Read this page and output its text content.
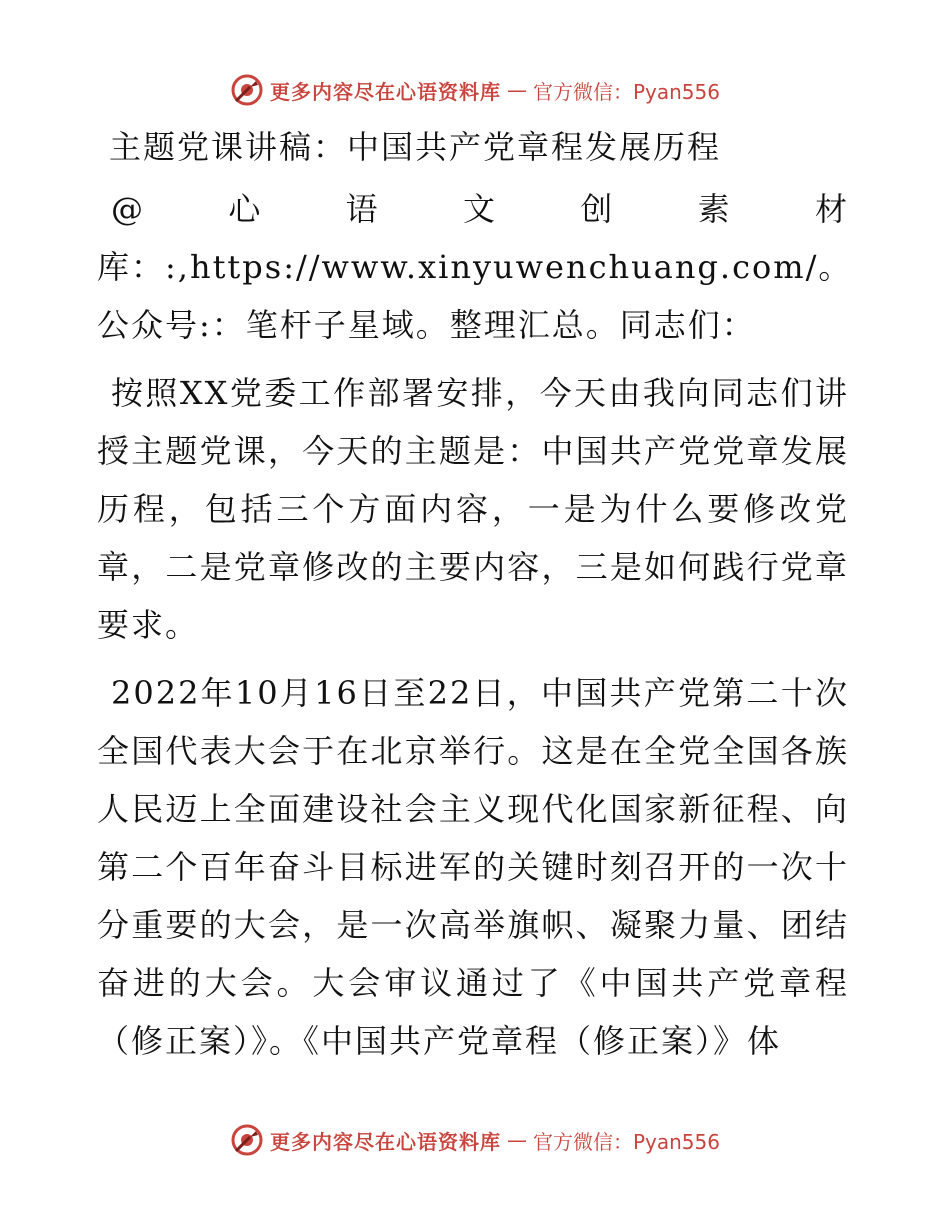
更多内容尽在心语资料库 — 官方微信：Pyan556

主题党课讲稿：中国共产党章程发展历程

@心语文创素材库：:,https://www.xinyuwenchuang.com/。公众号:：笔杆子星域。整理汇总。同志们：

按照XX党委工作部署安排，今天由我向同志们讲授主题党课，今天的主题是：中国共产党党章发展历程，包括三个方面内容，一是为什么要修改党章，二是党章修改的主要内容，三是如何践行党章要求。

2022年10月16日至22日，中国共产党第二十次全国代表大会于在北京举行。这是在全党全国各族人民迈上全面建设社会主义现代化国家新征程、向第二个百年奋斗目标进军的关键时刻召开的一次十分重要的大会，是一次高举旗帜、凝聚力量、团结奋进的大会。大会审议通过了《中国共产党章程（修正案）》。《中国共产党章程（修正案）》体

更多内容尽在心语资料库 — 官方微信：Pyan556
